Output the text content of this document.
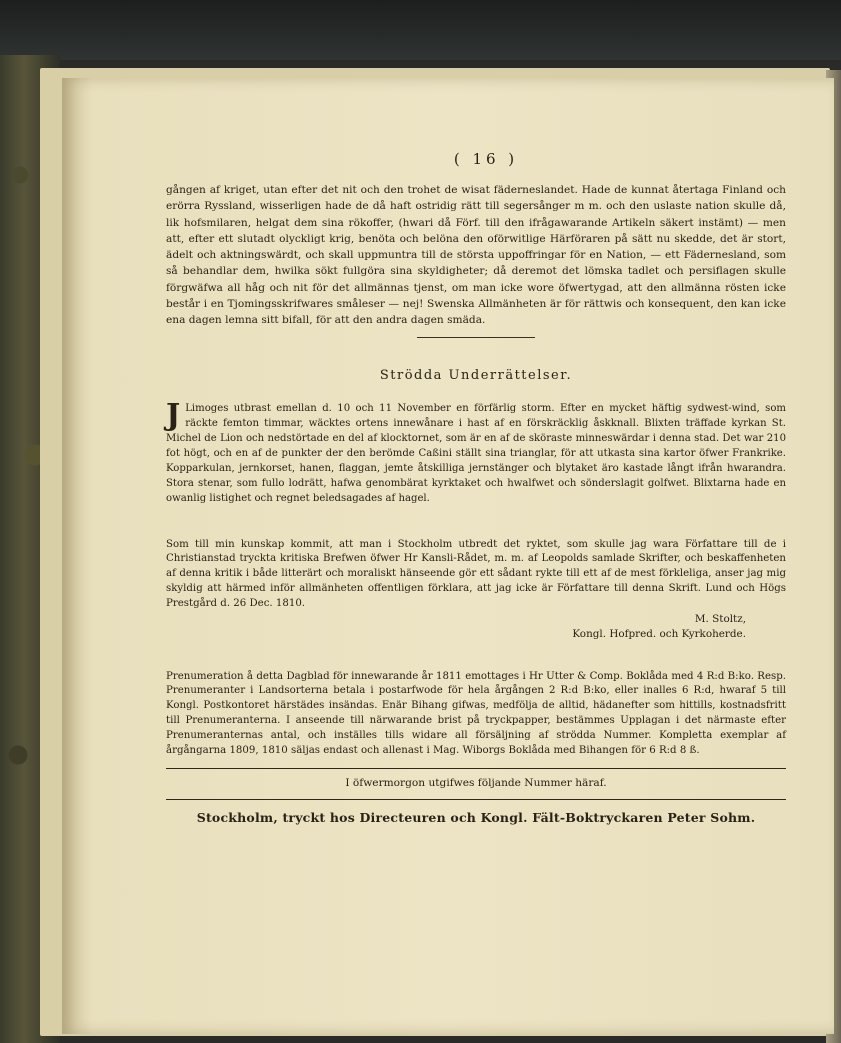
( 16 )

gången af kriget, utan efter det nit och den trohet de wisat fäderneslandet. Hade de kunnat återtaga Finland och erörra Ryssland, wisserligen hade de då haft ostridig rätt till segersånger m m. och den uslaste nation skulle då, lik hofsmilaren, helgat dem sina rökoffer, (hwari då Förf. till den ifrågawarande Artikeln säkert instämt) — men att, efter ett slutadt olyckligt krig, benöta och belöna den oförwitlige Härföraren på sätt nu skedde, det är stort, ädelt och aktningswärdt, och skall uppmuntra till de största uppoffringar för en Nation, — ett Fädernesland, som så behandlar dem, hwilka sökt fullgöra sina skyldigheter; då deremot det lömska tadlet och persiflagen skulle förgwäfwa all håg och nit för det allmännas tjenst, om man icke wore öfwertygad, att den allmänna rösten icke består i en Tjomingsskrifwares småleser — nej! Swenska Allmänheten är för rättwis och konsequent, den kan icke ena dagen lemna sitt bifall, för att den andra dagen smäda.

Strödda Underrättelser.

J Limoges utbrast emellan d. 10 och 11 November en förfärlig storm. Efter en mycket häftig sydwest-wind, som räckte femton timmar, wäcktes ortens innewånare i hast af en förskräcklig åskknall. Blixten träffade kyrkan St. Michel de Lion och nedstörtade en del af klocktornet, som är en af de sköraste minneswärdar i denna stad. Det war 210 fot högt, och en af de punkter der den berömde Caßini ställt sina trianglar, för att utkasta sina kartor öfwer Frankrike. Kopparkulan, jernkorset, hanen, flaggan, jemte åtskilliga jernstänger och blytaket äro kastade långt ifrån hwarandra. Stora stenar, som fullo lodrätt, hafwa genombärat kyrktaket och hwalfwet och sönderslagit golfwet. Blixtarna hade en owanlig listighet och regnet beledsagades af hagel.

Som till min kunskap kommit, att man i Stockholm utbredt det ryktet, som skulle jag wara Författare till de i Christianstad tryckta kritiska Brefwen öfwer Hr Kansli-Rådet, m. m. af Leopolds samlade Skrifter, och beskaffenheten af denna kritik i både litterärt och moraliskt hänseende gör ett sådant rykte till ett af de mest förkleliga, anser jag mig skyldig att härmed inför allmänheten offentligen förklara, att jag icke är Författare till denna Skrift. Lund och Högs Prestgård d. 26 Dec. 1810.

M. Stoltz,

Kongl. Hofpred. och Kyrkoherde.

Prenumeration å detta Dagblad för innewarande år 1811 emottages i Hr Utter & Comp. Boklåda med 4 R:d B:ko. Resp. Prenumeranter i Landsorterna betala i postarfwode för hela årgången 2 R:d B:ko, eller inalles 6 R:d, hwaraf 5 till Kongl. Postkontoret härstädes insändas. Enär Bihang gifwas, medfölja de alltid, hädanefter som hittills, kostnadsfritt till Prenumeranterna. I anseende till närwarande brist på tryckpapper, bestämmes Upplagan i det närmaste efter Prenumeranternas antal, och inställes tills widare all försäljning af strödda Nummer. Kompletta exemplar af årgångarna 1809, 1810 säljas endast och allenast i Mag. Wiborgs Boklåda med Bihangen för 6 R:d 8 ß.

I öfwermorgon utgifwes följande Nummer häraf.
Stockholm, tryckt hos Directeuren och Kongl. Fält-Boktryckaren Peter Sohm.
